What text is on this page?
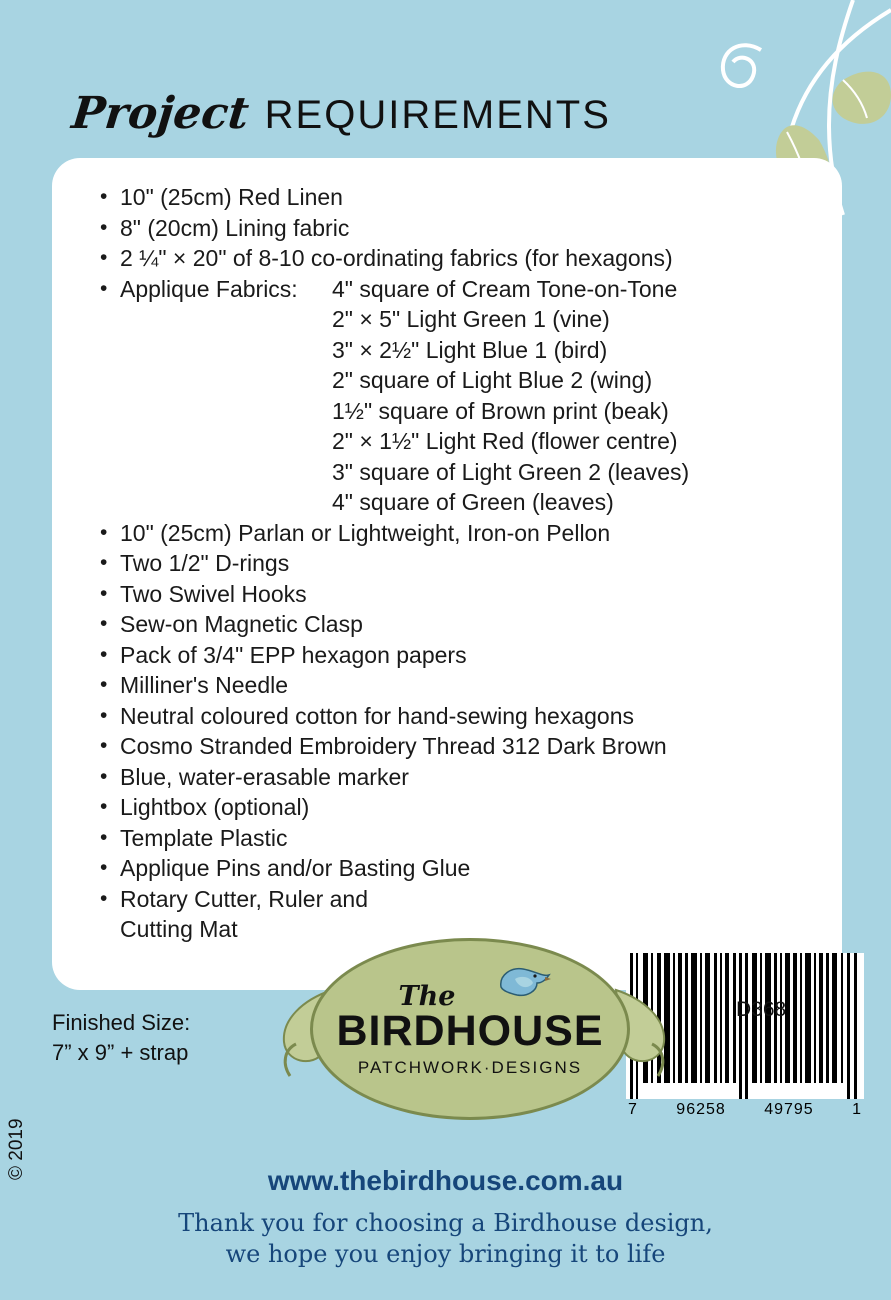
Project REQUIREMENTS
• 10" (25cm) Red Linen
• 8" (20cm) Lining fabric
• 2 ¼" × 20" of 8-10 co-ordinating fabrics (for hexagons)
• Applique Fabrics:	4" square of Cream Tone-on-Tone
2" × 5" Light Green 1 (vine)
3" × 2½" Light Blue 1 (bird)
2" square of Light Blue 2 (wing)
1½" square of Brown print (beak)
2" × 1½" Light Red (flower centre)
3" square of Light Green 2 (leaves)
4" square of Green (leaves)
• 10" (25cm) Parlan or Lightweight, Iron-on Pellon
• Two 1/2" D-rings
• Two Swivel Hooks
• Sew-on Magnetic Clasp
• Pack of 3/4" EPP hexagon papers
• Milliner's Needle
• Neutral coloured cotton for hand-sewing hexagons
• Cosmo Stranded Embroidery Thread 312 Dark Brown
• Blue, water-erasable marker
• Lightbox (optional)
• Template Plastic
• Applique Pins and/or Basting Glue
• Rotary Cutter, Ruler and
Cutting Mat
7 96258 49795 1
The
BIRDHOUSE
PATCHWORK·DESIGNS
Finished Size:
7” x 9” + strap
D368
www.thebirdhouse.com.au
Thank you for choosing a Birdhouse design,
we hope you enjoy bringing it to life
© 2019
